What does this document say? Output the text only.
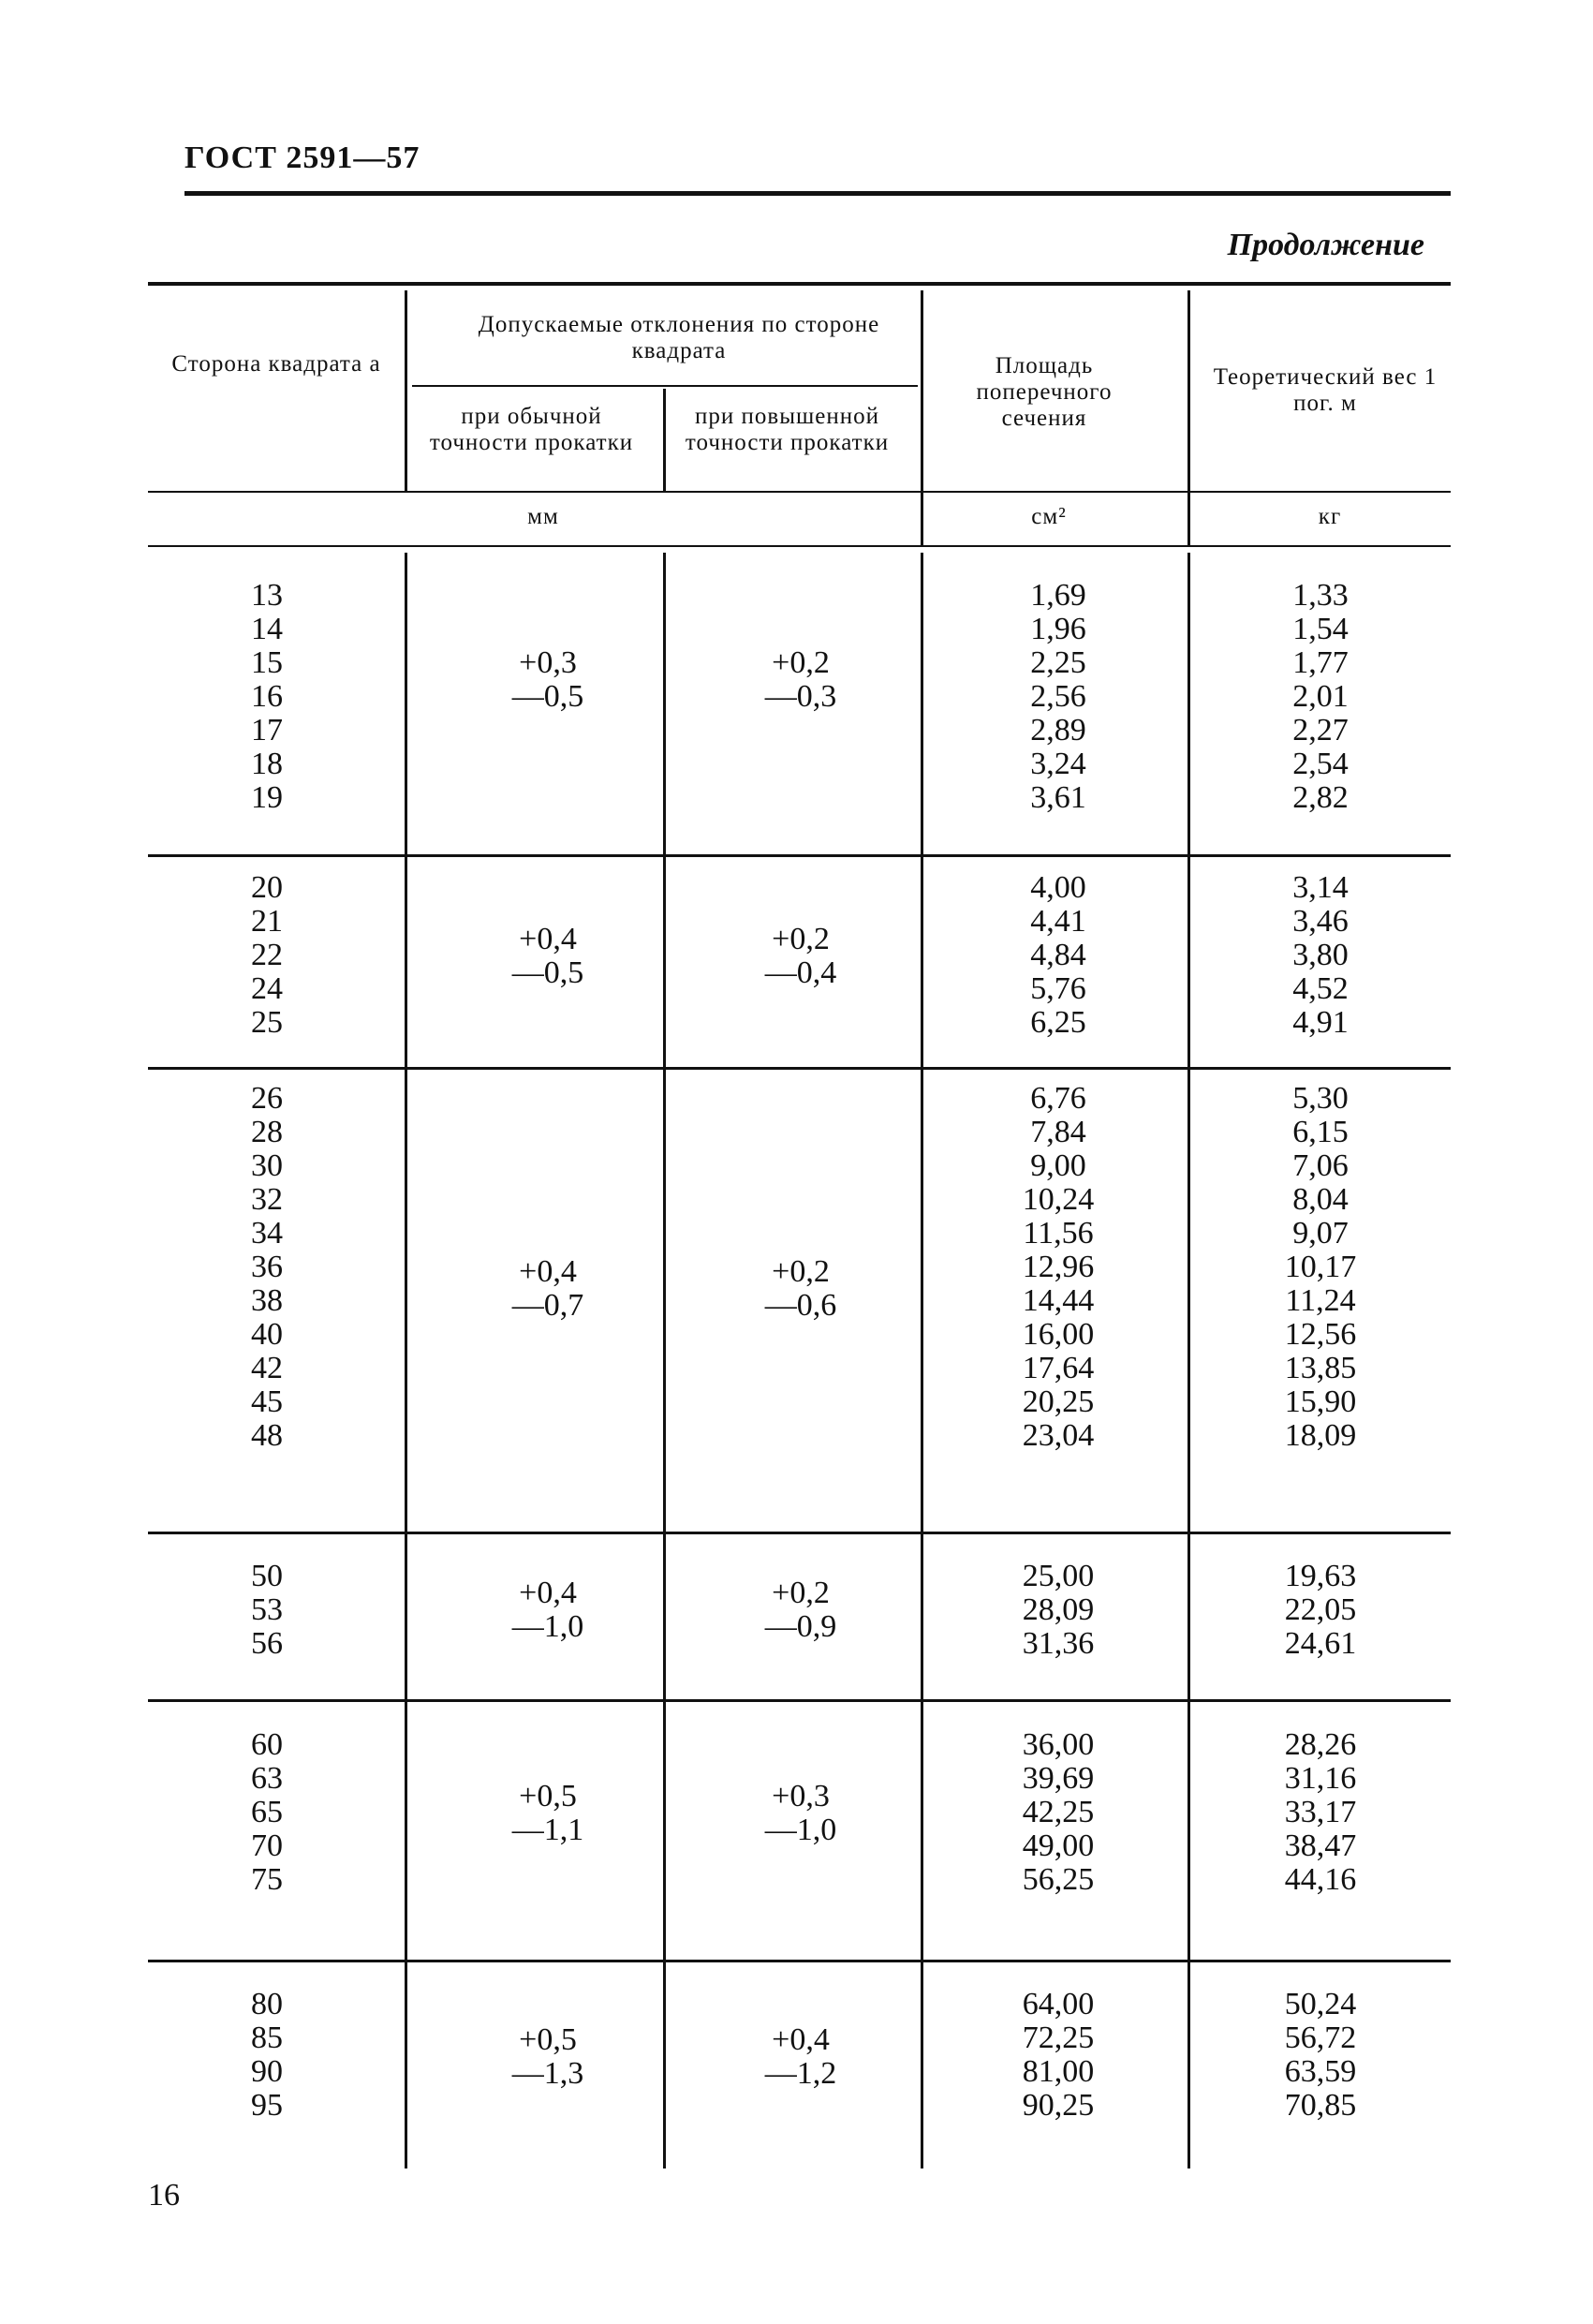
ГОСТ 2591—57
Продолжение
Сторона квадрата а
Допускаемые отклонения по стороне квадрата
при обычной точности прокатки
при повышенной точности прокатки
Площадь поперечного сечения
Теоретический вес 1 пог. м
мм	см²	кг
13
14
15
16
17
18
19
+0,3
—0,5
+0,2
—0,3
1,69
1,96
2,25
2,56
2,89
3,24
3,61
1,33
1,54
1,77
2,01
2,27
2,54
2,82
20
21
22
24
25
+0,4
—0,5
+0,2
—0,4
4,00
4,41
4,84
5,76
6,25
3,14
3,46
3,80
4,52
4,91
26
28
30
32
34
36
38
40
42
45
48
+0,4
—0,7
+0,2
—0,6
6,76
7,84
9,00
10,24
11,56
12,96
14,44
16,00
17,64
20,25
23,04
5,30
6,15
7,06
8,04
9,07
10,17
11,24
12,56
13,85
15,90
18,09
50
53
56
+0,4
—1,0
+0,2
—0,9
25,00
28,09
31,36
19,63
22,05
24,61
60
63
65
70
75
+0,5
—1,1
+0,3
—1,0
36,00
39,69
42,25
49,00
56,25
28,26
31,16
33,17
38,47
44,16
80
85
90
95
+0,5
—1,3
+0,4
—1,2
64,00
72,25
81,00
90,25
50,24
56,72
63,59
70,85
16
